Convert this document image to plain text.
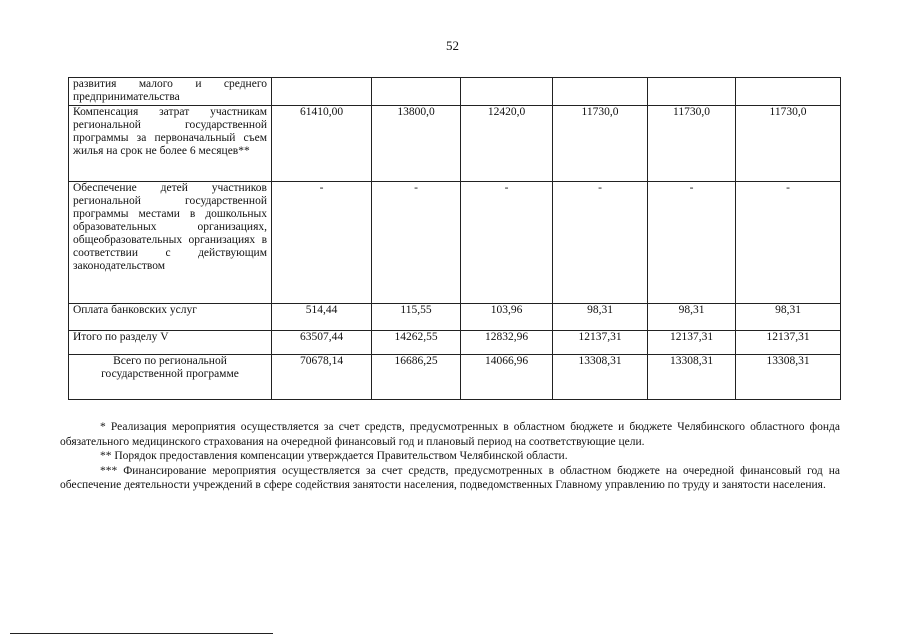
52
развития малого и среднего предпринимательства						
Компенсация затрат участникам региональной государственной программы за первоначальный съем жилья на срок не более 6 месяцев**	61410,00	13800,0	12420,0	11730,0	11730,0	11730,0
Обеспечение детей участников региональной государственной программы местами в дошкольных образовательных организациях, общеобразовательных организациях в соответствии с действующим законодательством	-	-	-	-	-	-
Оплата банковских услуг	514,44	115,55	103,96	98,31	98,31	98,31
Итого по разделу V	63507,44	14262,55	12832,96	12137,31	12137,31	12137,31
Всего по региональной государственной программе	70678,14	16686,25	14066,96	13308,31	13308,31	13308,31

* Реализация мероприятия осуществляется за счет средств, предусмотренных в областном бюджете и бюджете Челябинского областного фонда обязательного медицинского страхования на очередной финансовый год и плановый период на соответствующие цели.

** Порядок предоставления компенсации утверждается Правительством Челябинской области.

*** Финансирование мероприятия осуществляется за счет средств, предусмотренных в областном бюджете на очередной финансовый год на обеспечение деятельности учреждений в сфере содействия занятости населения, подведомственных Главному управлению по труду и занятости населения.
